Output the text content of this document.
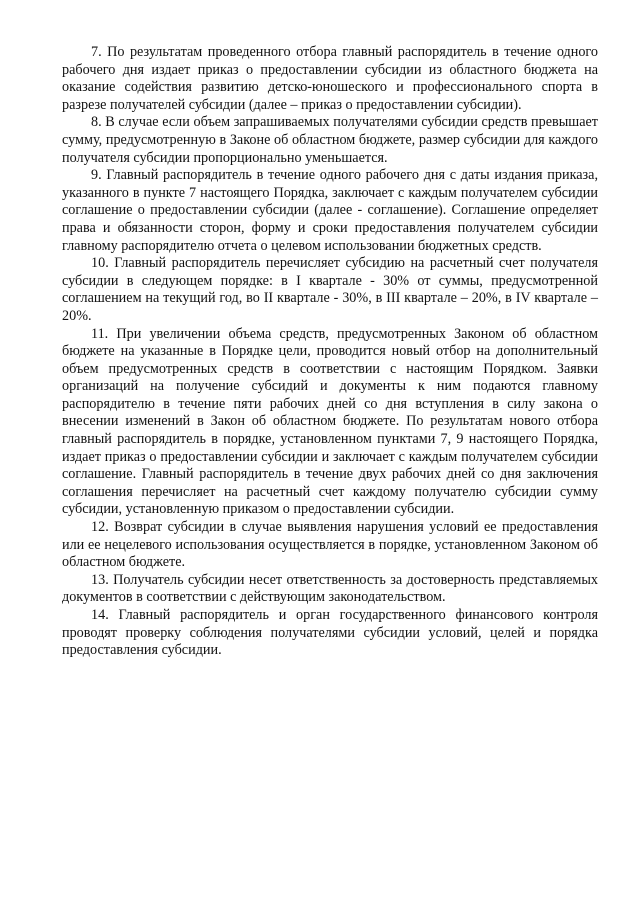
7. По результатам проведенного отбора главный распорядитель в течение одного рабочего дня издает приказ о предоставлении субсидии из областного бюджета на оказание содействия развитию детско-юношеского и профессионального спорта в разрезе получателей субсидии (далее – приказ о предоставлении субсидии).

8. В случае если объем запрашиваемых получателями субсидии средств превышает сумму, предусмотренную в Законе об областном бюджете, размер субсидии для каждого получателя субсидии пропорционально уменьшается.

9. Главный распорядитель в течение одного рабочего дня с даты издания приказа, указанного в пункте 7 настоящего Порядка, заключает с каждым получателем субсидии соглашение о предоставлении субсидии (далее - соглашение). Соглашение определяет права и обязанности сторон, форму и сроки предоставления получателем субсидии главному распорядителю отчета о целевом использовании бюджетных средств.

10. Главный распорядитель перечисляет субсидию на расчетный счет получателя субсидии в следующем порядке: в I квартале - 30% от суммы, предусмотренной соглашением на текущий год, во II квартале - 30%, в III квартале – 20%, в IV квартале – 20%.

11. При увеличении объема средств, предусмотренных Законом об областном бюджете на указанные в Порядке цели, проводится новый отбор на дополнительный объем предусмотренных средств в соответствии с настоящим Порядком. Заявки организаций на получение субсидий и документы к ним подаются главному распорядителю в течение пяти рабочих дней со дня вступления в силу закона о внесении изменений в Закон об областном бюджете. По результатам нового отбора главный распорядитель в порядке, установленном пунктами 7, 9 настоящего Порядка, издает приказ о предоставлении субсидии и заключает с каждым получателем субсидии соглашение. Главный распорядитель в течение двух рабочих дней со дня заключения соглашения перечисляет на расчетный счет каждому получателю субсидии сумму субсидии, установленную приказом о предоставлении субсидии.

12. Возврат субсидии в случае выявления нарушения условий ее предоставления или ее нецелевого использования осуществляется в порядке, установленном Законом об областном бюджете.

13. Получатель субсидии несет ответственность за достоверность представляемых документов в соответствии с действующим законодательством.

14. Главный распорядитель и орган государственного финансового контроля проводят проверку соблюдения получателями субсидии условий, целей и порядка предоставления субсидии.
